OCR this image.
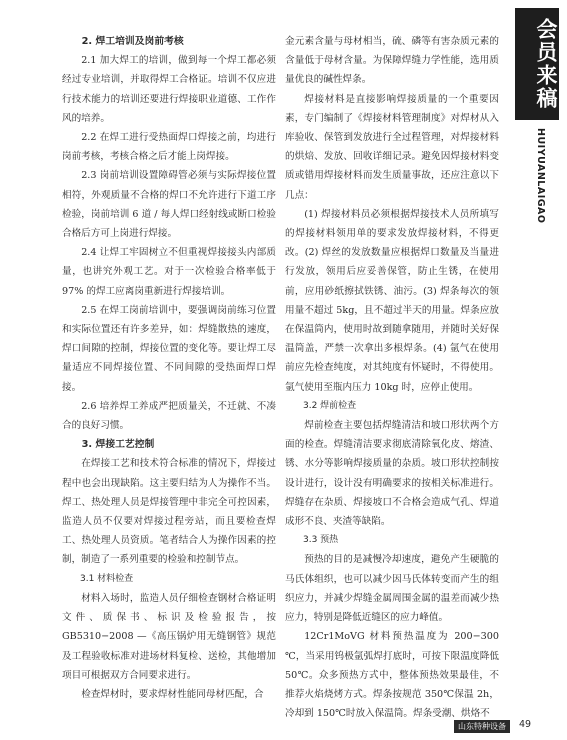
会员来稿
HUIYUANLAIGAO

2. 焊工培训及岗前考核

2.1 加大焊工的培训，做到每一个焊工都必须经过专业培训，并取得焊工合格证。培训不仅应进行技术能力的培训还要进行焊接职业道德、工作作风的培养。

2.2 在焊工进行受热面焊口焊接之前，均进行岗前考核，考核合格之后才能上岗焊接。

2.3 岗前培训设置障碍管必须与实际焊接位置相符，外观质量不合格的焊口不允许进行下道工序检验，岗前培训 6 道 / 每人焊口经射线或断口检验合格后方可上岗进行焊接。

2.4 让焊工牢固树立不但重视焊接接头内部质量，也讲究外观工艺。对于一次检验合格率低于 97% 的焊工应离岗重新进行焊接培训。

2.5 在焊工岗前培训中，要强调岗前练习位置和实际位置还有许多差异，如：焊缝散热的速度，焊口间隙的控制，焊接位置的变化等。要让焊工尽量适应不同焊接位置、不同间隙的受热面焊口焊接。

2.6 培养焊工养成严把质量关，不迁就、不凑合的良好习惯。

3. 焊接工艺控制

在焊接工艺和技术符合标准的情况下，焊接过程中也会出现缺陷。这主要归结为人为操作不当。焊工、热处理人员是焊接管理中非完全可控因素，监造人员不仅要对焊接过程旁站，而且要检查焊工、热处理人员资质。笔者结合人为操作因素的控制，制造了一系列重要的检验和控制节点。

3.1 材料检查

材料入场时，监造人员仔细检查钢材合格证明文件、质保书、标识及检验报告，按 GB5310−2008 —《高压锅炉用无缝钢管》规范及工程验收标准对进场材料复检、送检，其他增加项目可根据双方合同要求进行。

检查焊材时，要求焊材性能同母材匹配，合

金元素含量与母材相当，硫、磷等有害杂质元素的含量低于母材含量。为保障焊缝力学性能，选用质量优良的碱性焊条。

焊接材料是直接影响焊接质量的一个重要因素，专门编制了《焊接材料管理制度》对焊材从入库验收、保管到发放进行全过程管理，对焊接材料的烘焙、发放、回收详细记录。避免因焊接材料变质或错用焊接材料而发生质量事故，还应注意以下几点：

(1) 焊接材料员必须根据焊接技术人员所填写的焊接材料领用单的要求发放焊接材料，不得更改。(2) 焊丝的发放数量应根据焊口数量及当量进行发放，领用后应妥善保管，防止生锈，在使用前，应用砂纸擦拭铁锈、油污。(3) 焊条每次的领用量不超过 5kg，且不超过半天的用量。焊条应放在保温筒内，使用时故到随拿随用，并随时关好保温筒盖，严禁一次拿出多根焊条。(4) 氩气在使用前应先检查纯度，对其纯度有怀疑时，不得使用。氩气使用至瓶内压力 10kg 时，应停止使用。

3.2 焊前检查

焊前检查主要包括焊缝清洁和坡口形状两个方面的检查。焊缝清洁要求彻底清除氧化皮、熔渣、锈、水分等影响焊接质量的杂质。坡口形状控制按设计进行，设计没有明确要求的按相关标准进行。焊缝存在杂质、焊接坡口不合格会造成气孔、焊道成形不良、夹渣等缺陷。

3.3 预热

预热的目的是减慢冷却速度，避免产生硬脆的马氏体组织，也可以减少因马氏体转变而产生的组织应力，并减少焊缝金属周围金属的温差而减少热应力，特别是降低近缝区的应力峰值。

12Cr1MoVG 材料预热温度为 200−300 ℃，当采用钨极氩弧焊打底时，可按下限温度降低 50℃。众多预热方式中，整体预热效果最佳，不推荐火焰烧烤方式。焊条按规范 350℃保温 2h，冷却到 150℃时放入保温筒。焊条受潮、烘烙不

山东特种设备	49
